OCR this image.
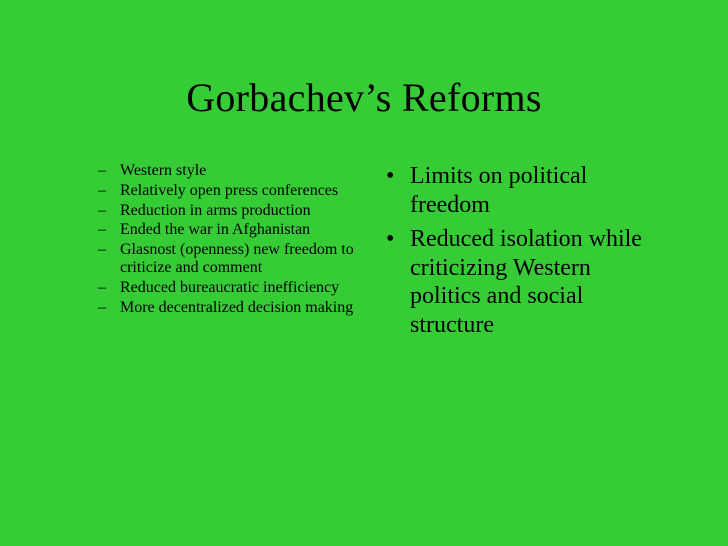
Gorbachev’s Reforms
– Western style
– Relatively open press conferences
– Reduction in arms production
– Ended the war in Afghanistan
– Glasnost (openness) new freedom to criticize and comment
– Reduced bureaucratic inefficiency
– More decentralized decision making
• Limits on political freedom
• Reduced isolation while criticizing Western politics and social structure
